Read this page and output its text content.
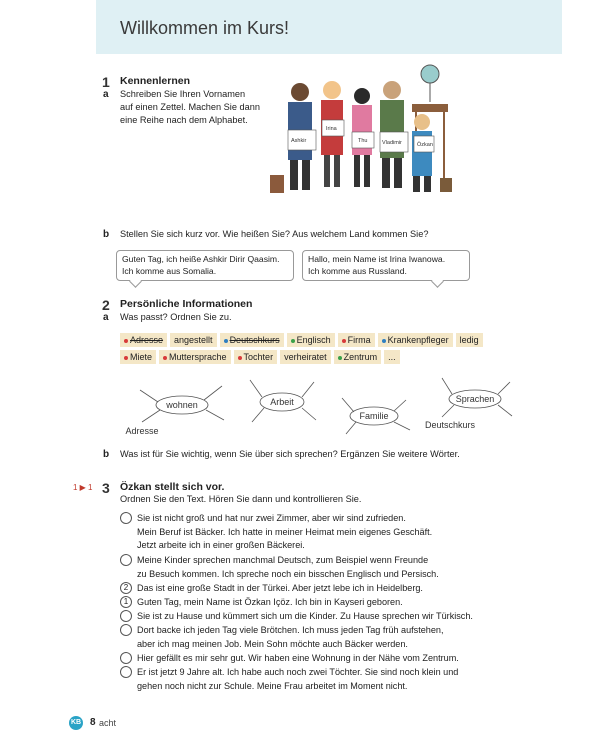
Willkommen im Kurs!
1 Kennenlernen
a Schreiben Sie Ihren Vornamen
auf einen Zettel. Machen Sie dann
eine Reihe nach dem Alphabet.
Ashkir
Irina
Thu	Vladimir	Özkan
b Stellen Sie sich kurz vor. Wie heißen Sie? Aus welchem Land kommen Sie?
Guten Tag, ich heiße Ashkir Dirir Qaasim.
Ich komme aus Somalia.
Hallo, mein Name ist Irina Iwanowa.
Ich komme aus Russland.
2 Persönliche Informationen
a Was passt? Ordnen Sie zu.
Adresse	angestellt	Deutschkurs	Englisch	Firma	Krankenpfleger	ledig
Miete	Muttersprache	Tochter	verheiratet	Zentrum	...
wohnen	Arbeit
Familie
Sprachen
Adresse
Deutschkurs
b Was ist für Sie wichtig, wenn Sie über sich sprechen? Ergänzen Sie weitere Wörter.
1 ▶ 1 3 Özkan stellt sich vor.
Ordnen Sie den Text. Hören Sie dann und kontrollieren Sie.
Sie ist nicht groß und hat nur zwei Zimmer, aber wir sind zufrieden.
Mein Beruf ist Bäcker. Ich hatte in meiner Heimat mein eigenes Geschäft.
Jetzt arbeite ich in einer großen Bäckerei.
Meine Kinder sprechen manchmal Deutsch, zum Beispiel wenn Freunde
zu Besuch kommen. Ich spreche noch ein bisschen Englisch und Persisch.
2 Das ist eine große Stadt in der Türkei. Aber jetzt lebe ich in Heidelberg.
1 Guten Tag, mein Name ist Özkan Içöz. Ich bin in Kayseri geboren.
Sie ist zu Hause und kümmert sich um die Kinder. Zu Hause sprechen wir Türkisch.
Dort backe ich jeden Tag viele Brötchen. Ich muss jeden Tag früh aufstehen,
aber ich mag meinen Job. Mein Sohn möchte auch Bäcker werden.
Hier gefällt es mir sehr gut. Wir haben eine Wohnung in der Nähe vom Zentrum.
Er ist jetzt 9 Jahre alt. Ich habe auch noch zwei Töchter. Sie sind noch klein und
gehen noch nicht zur Schule. Meine Frau arbeitet im Moment nicht.
KB 8 acht
